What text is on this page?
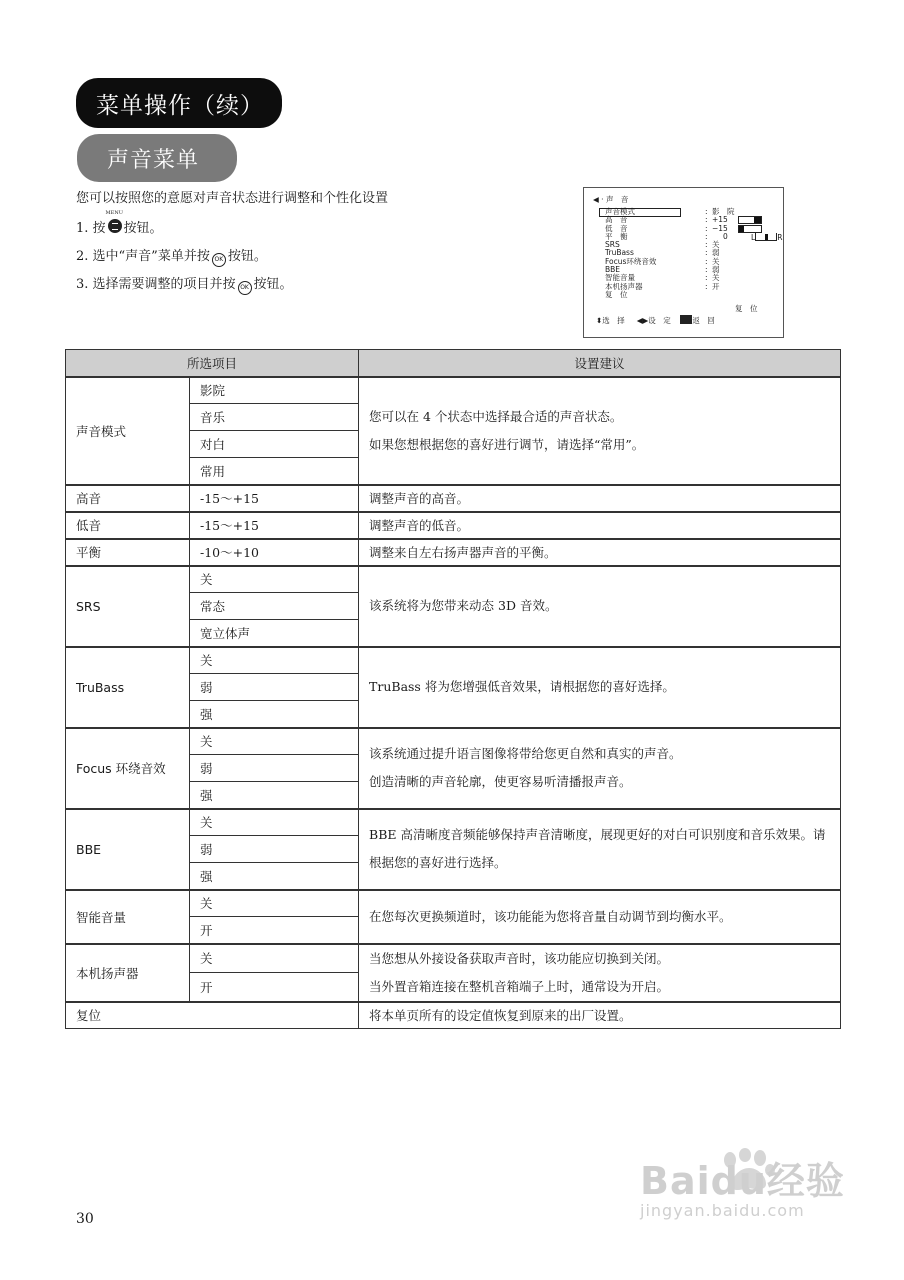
菜单操作（续）
声音菜单
您可以按照您的意愿对声音状态进行调整和个性化设置
1. 按
MENU
按钮。
2. 选中“声音”菜单并按 OK 按钮。
3. 选择需要调整的项目并按 OK 按钮。
◀ · 声　音
声音模式	: 影　院
高　音	: +15
低　音	: −15
平　衡	: 0	L	R
SRS	: 关
TruBass	: 弱
Focus环绕音效	: 关
BBE	: 弱
智能音量	: 关
本机扬声器	: 开
复　位
复　位
⬍选　择 ◀▶设　定	返　回
所选项目		设置建议
声音模式	影院	您可以在 4 个状态中选择最合适的声音状态。
如果您想根据您的喜好进行调节，请选择“常用”。

	音乐	
	对白	
	常用	
高音	-15～+15	调整声音的高音。
低音	-15～+15	调整声音的低音。
平衡	-10～+10	调整来自左右扬声器声音的平衡。
SRS	关	该系统将为您带来动态 3D 音效。
	常态	
	宽立体声	
TruBass	关	TruBass 将为您增强低音效果，请根据您的喜好选择。
	弱	
	强	
Focus 环绕音效	关	该系统通过提升语言图像将带给您更自然和真实的声音。
创造清晰的声音轮廓，使更容易听清播报声音。

	弱	
	强	
BBE	关	BBE 高清晰度音频能够保持声音清晰度，展现更好的对白可识别度和音乐效果。请根据您的喜好进行选择。
	弱	
	强	
智能音量	关	在您每次更换频道时，该功能能为您将音量自动调节到均衡水平。
	开	
本机扬声器	关	当您想从外接设备获取声音时，该功能应切换到关闭。
当外置音箱连接在整机音箱端子上时，通常设为开启。

	开	
复位		将本单页所有的设定值恢复到原来的出厂设置。
30
Baidu经验
jingyan.baidu.com
